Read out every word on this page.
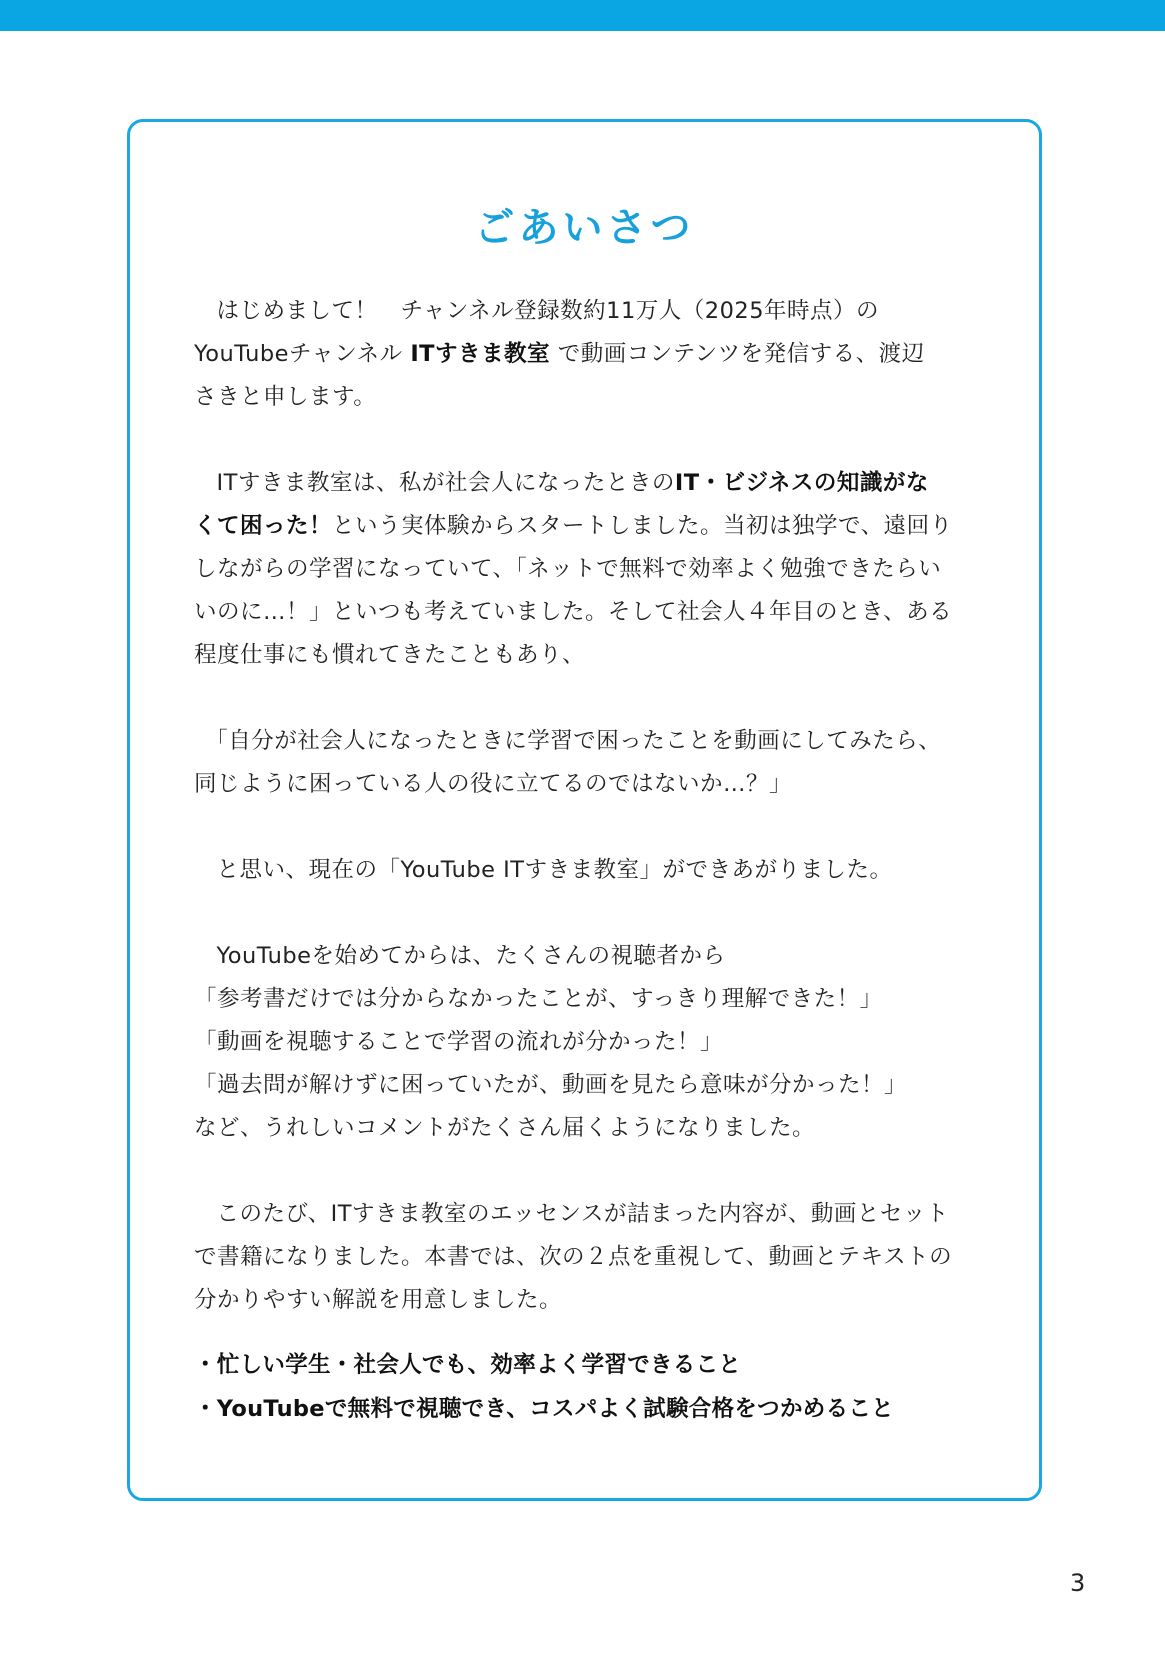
ごあいさつ

はじめまして！　チャンネル登録数約11万人（2025年時点）の
YouTubeチャンネル ITすきま教室 で動画コンテンツを発信する、渡辺
さきと申します。

ITすきま教室は、私が社会人になったときのIT・ビジネスの知識がな
くて困った！という実体験からスタートしました。当初は独学で、遠回り
しながらの学習になっていて、「ネットで無料で効率よく勉強できたらい
いのに…！」といつも考えていました。そして社会人４年目のとき、ある
程度仕事にも慣れてきたこともあり、

「自分が社会人になったときに学習で困ったことを動画にしてみたら、
同じように困っている人の役に立てるのではないか…？」

と思い、現在の「YouTube ITすきま教室」ができあがりました。

YouTubeを始めてからは、たくさんの視聴者から
「参考書だけでは分からなかったことが、すっきり理解できた！」
「動画を視聴することで学習の流れが分かった！」
「過去問が解けずに困っていたが、動画を見たら意味が分かった！」
など、うれしいコメントがたくさん届くようになりました。

このたび、ITすきま教室のエッセンスが詰まった内容が、動画とセット
で書籍になりました。本書では、次の２点を重視して、動画とテキストの
分かりやすい解説を用意しました。

・忙しい学生・社会人でも、効率よく学習できること

・YouTubeで無料で視聴でき、コスパよく試験合格をつかめること

3
